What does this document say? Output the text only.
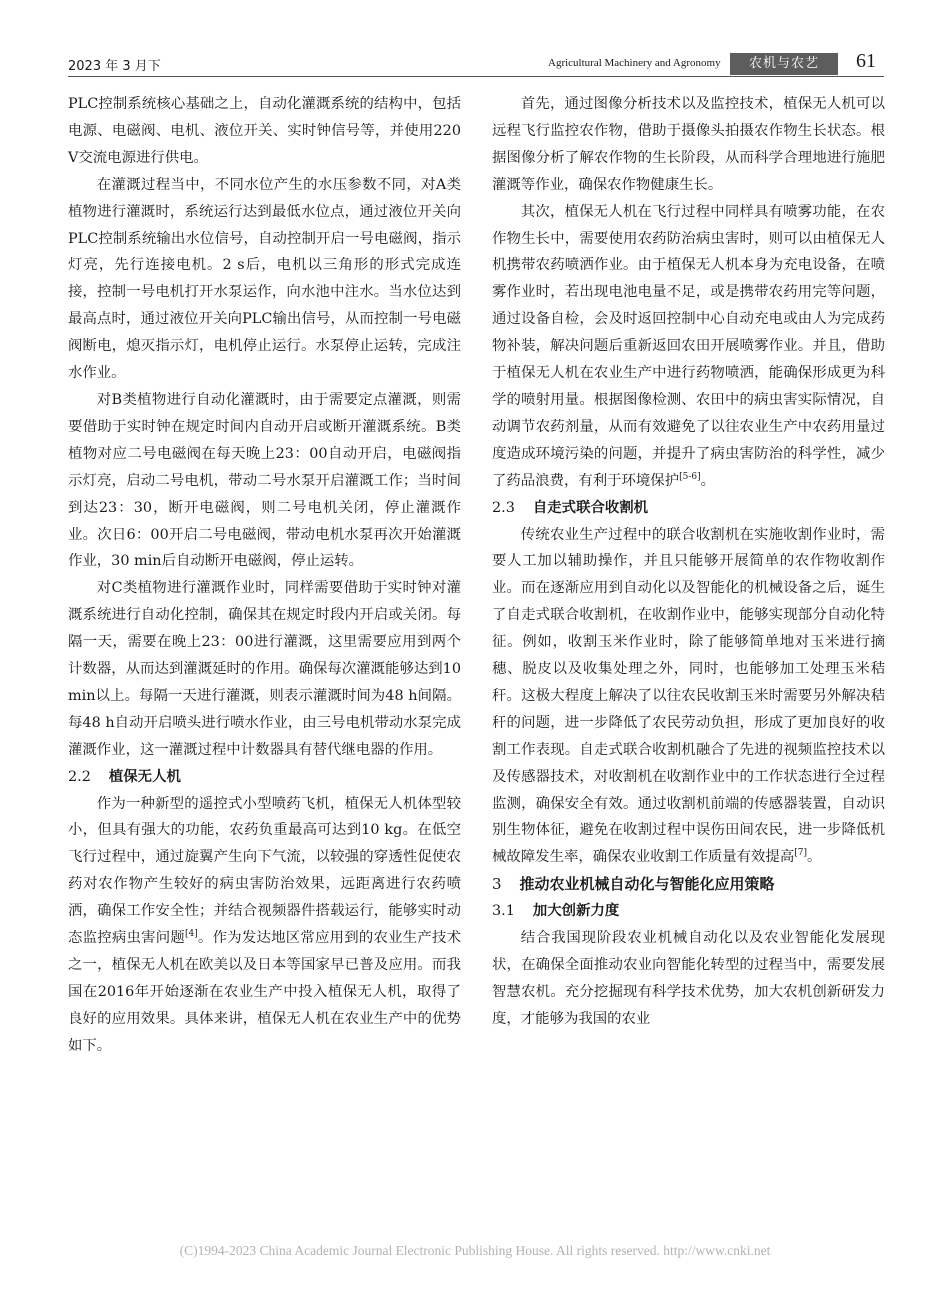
2023 年 3 月下	Agricultural Machinery and Agronomy	农机与农艺	61

PLC控制系统核心基础之上，自动化灌溉系统的结构中，包括电源、电磁阀、电机、液位开关、实时钟信号等，并使用220 V交流电源进行供电。

在灌溉过程当中，不同水位产生的水压参数不同，对A类植物进行灌溉时，系统运行达到最低水位点，通过液位开关向PLC控制系统输出水位信号，自动控制开启一号电磁阀，指示灯亮，先行连接电机。2 s后，电机以三角形的形式完成连接，控制一号电机打开水泵运作，向水池中注水。当水位达到最高点时，通过液位开关向PLC输出信号，从而控制一号电磁阀断电，熄灭指示灯，电机停止运行。水泵停止运转，完成注水作业。

对B类植物进行自动化灌溉时，由于需要定点灌溉，则需要借助于实时钟在规定时间内自动开启或断开灌溉系统。B类植物对应二号电磁阀在每天晚上23：00自动开启，电磁阀指示灯亮，启动二号电机，带动二号水泵开启灌溉工作；当时间到达23：30，断开电磁阀，则二号电机关闭，停止灌溉作业。次日6：00开启二号电磁阀，带动电机水泵再次开始灌溉作业，30 min后自动断开电磁阀，停止运转。

对C类植物进行灌溉作业时，同样需要借助于实时钟对灌溉系统进行自动化控制，确保其在规定时段内开启或关闭。每隔一天，需要在晚上23：00进行灌溉，这里需要应用到两个计数器，从而达到灌溉延时的作用。确保每次灌溉能够达到10 min以上。每隔一天进行灌溉，则表示灌溉时间为48 h间隔。每48 h自动开启喷头进行喷水作业，由三号电机带动水泵完成灌溉作业，这一灌溉过程中计数器具有替代继电器的作用。

2.2 植保无人机

作为一种新型的遥控式小型喷药飞机，植保无人机体型较小，但具有强大的功能，农药负重最高可达到10 kg。在低空飞行过程中，通过旋翼产生向下气流，以较强的穿透性促使农药对农作物产生较好的病虫害防治效果，远距离进行农药喷洒，确保工作安全性；并结合视频器件搭载运行，能够实时动态监控病虫害问题[4]。作为发达地区常应用到的农业生产技术之一，植保无人机在欧美以及日本等国家早已普及应用。而我国在2016年开始逐渐在农业生产中投入植保无人机，取得了良好的应用效果。具体来讲，植保无人机在农业生产中的优势如下。

首先，通过图像分析技术以及监控技术，植保无人机可以远程飞行监控农作物，借助于摄像头拍摄农作物生长状态。根据图像分析了解农作物的生长阶段，从而科学合理地进行施肥灌溉等作业，确保农作物健康生长。

其次，植保无人机在飞行过程中同样具有喷雾功能，在农作物生长中，需要使用农药防治病虫害时，则可以由植保无人机携带农药喷洒作业。由于植保无人机本身为充电设备，在喷雾作业时，若出现电池电量不足，或是携带农药用完等问题，通过设备自检，会及时返回控制中心自动充电或由人为完成药物补装，解决问题后重新返回农田开展喷雾作业。并且，借助于植保无人机在农业生产中进行药物喷洒，能确保形成更为科学的喷射用量。根据图像检测、农田中的病虫害实际情况，自动调节农药剂量，从而有效避免了以往农业生产中农药用量过度造成环境污染的问题，并提升了病虫害防治的科学性，减少了药品浪费，有利于环境保护[5-6]。

2.3 自走式联合收割机

传统农业生产过程中的联合收割机在实施收割作业时，需要人工加以辅助操作，并且只能够开展简单的农作物收割作业。而在逐渐应用到自动化以及智能化的机械设备之后，诞生了自走式联合收割机，在收割作业中，能够实现部分自动化特征。例如，收割玉米作业时，除了能够简单地对玉米进行摘穗、脱皮以及收集处理之外，同时，也能够加工处理玉米秸秆。这极大程度上解决了以往农民收割玉米时需要另外解决秸秆的问题，进一步降低了农民劳动负担，形成了更加良好的收割工作表现。自走式联合收割机融合了先进的视频监控技术以及传感器技术，对收割机在收割作业中的工作状态进行全过程监测，确保安全有效。通过收割机前端的传感器装置，自动识别生物体征，避免在收割过程中误伤田间农民，进一步降低机械故障发生率，确保农业收割工作质量有效提高[7]。

3 推动农业机械自动化与智能化应用策略

3.1 加大创新力度

结合我国现阶段农业机械自动化以及农业智能化发展现状，在确保全面推动农业向智能化转型的过程当中，需要发展智慧农机。充分挖掘现有科学技术优势，加大农机创新研发力度，才能够为我国的农业

(C)1994-2023 China Academic Journal Electronic Publishing House. All rights reserved. http://www.cnki.net
